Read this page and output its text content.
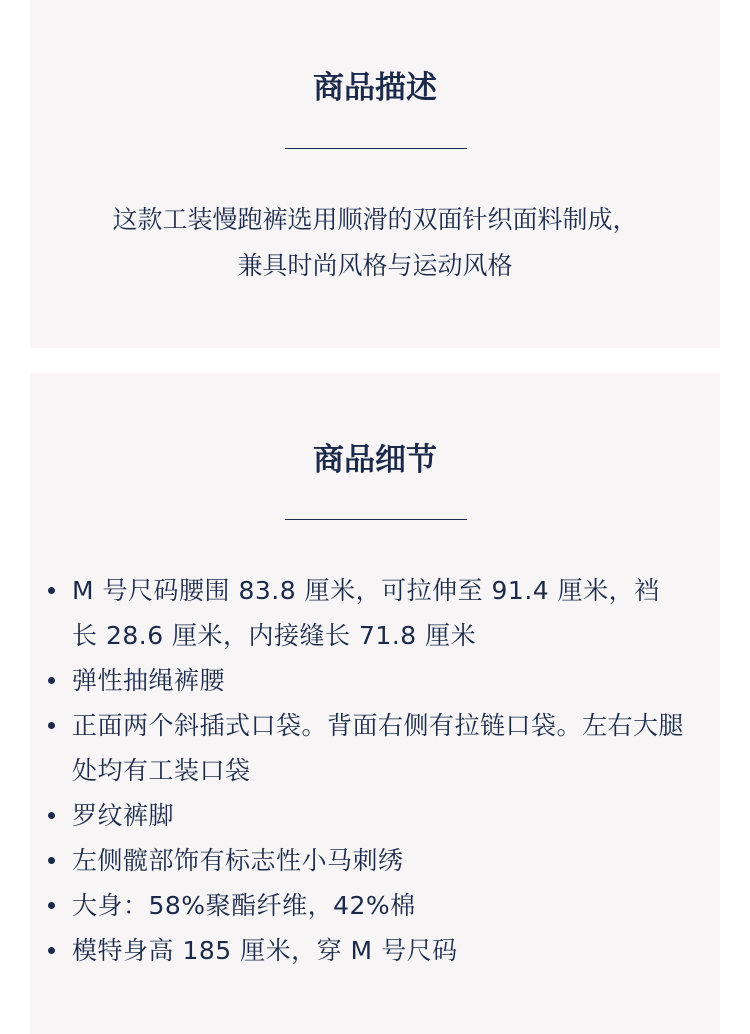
商品描述

这款工装慢跑裤选用顺滑的双面针织面料制成，
兼具时尚风格与运动风格

商品细节
M 号尺码腰围 83.8 厘米，可拉伸至 91.4 厘米，裆长 28.6 厘米，内接缝长 71.8 厘米
弹性抽绳裤腰
正面两个斜插式口袋。背面右侧有拉链口袋。左右大腿处均有工装口袋
罗纹裤脚
左侧髋部饰有标志性小马刺绣
大身：58%聚酯纤维，42%棉
模特身高 185 厘米，穿 M 号尺码
